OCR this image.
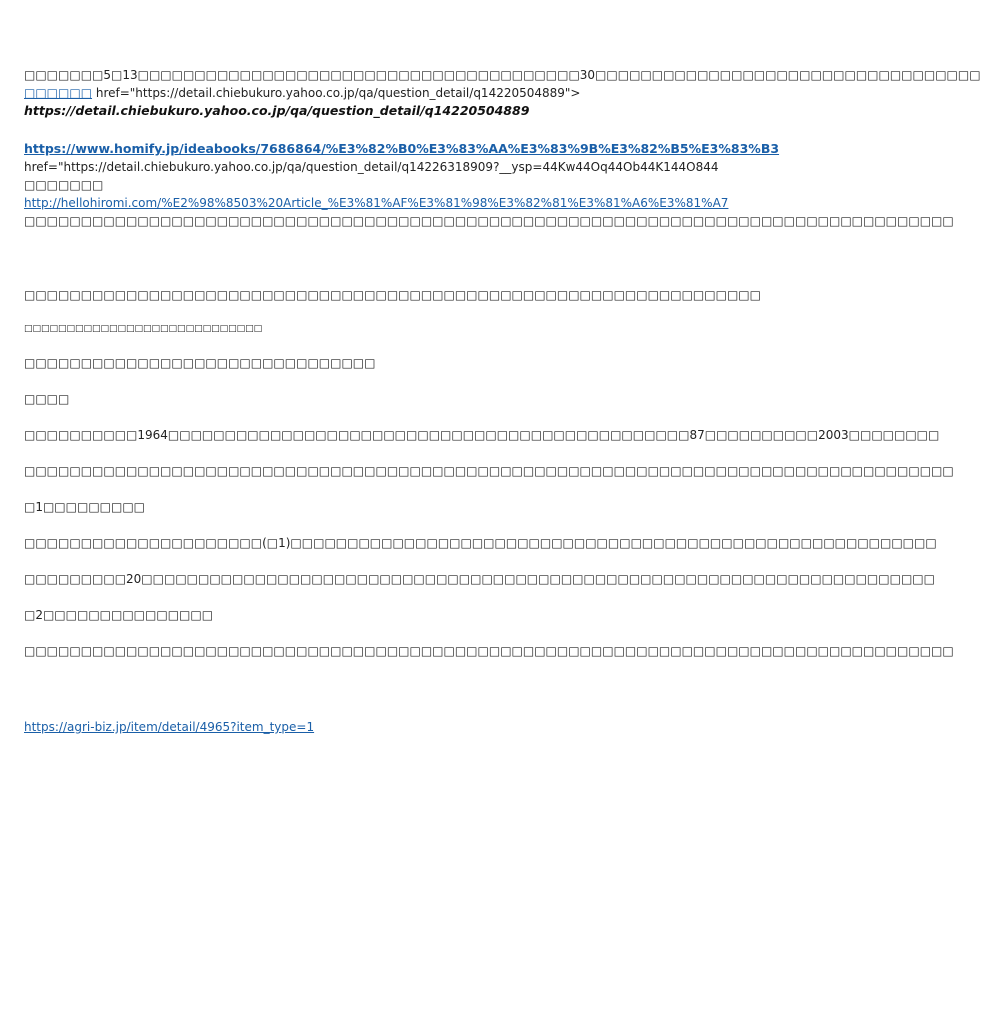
□□□□□□□5□13□□□□□□□□□□□□□□□□□□□□□□□□□□□□□□□□□□□□□□□30□□□□□□□□□□□□□□□□□□□□□□□□□□□□□□□□□□
□□□□□□ href="https://detail.chiebukuro.yahoo.co.jp/qa/question_detail/q14220504889">
https://detail.chiebukuro.yahoo.co.jp/qa/question_detail/q14220504889
https://www.homify.jp/ideabooks/7686864/%E3%82%B0%E3%83%AA%E3%83%9B%E3%82%B5%E3%83%B3
href="https://detail.chiebukuro.yahoo.co.jp/qa/question_detail/q14226318909?__ysp=44Kw44Oq44Ob44K144O844
□□□□□□□
http://hellohiromi.com/%E2%98%8503%20Article_%E3%81%AF%E3%81%98%E3%82%81%E3%81%A6%E3%81%A7
□□□□□□□□□□□□□□□□□□□□□□□□□□□□□□□□□□□□□□□□□□□□□□□□□□□□□□□□□□□□□□□□□□□□□□□□□□□□□□□□□□
□□□□□□□□□□□□□□□□□□□□□□□□□□□□□□□□□□□□□□□□□□□□□□□□□□□□□□□□□□□□□□□□□
□□□□□□□□□□□□□□□□□□□□□□□□□□□□
□□□□□□□□□□□□□□□□□□□□□□□□□□□□□□□
□□□□
□□□□□□□□□□1964□□□□□□□□□□□□□□□□□□□□□□□□□□□□□□□□□□□□□□□□□□□□□□87□□□□□□□□□□2003□□□□□□□□
□□□□□□□□□□□□□□□□□□□□□□□□□□□□□□□□□□□□□□□□□□□□□□□□□□□□□□□□□□□□□□□□□□□□□□□□□□□□□□□□□□
□1□□□□□□□□□
□□□□□□□□□□□□□□□□□□□□□(□1)□□□□□□□□□□□□□□□□□□□□□□□□□□□□□□□□□□□□□□□□□□□□□□□□□□□□□□□□□
□□□□□□□□□20□□□□□□□□□□□□□□□□□□□□□□□□□□□□□□□□□□□□□□□□□□□□□□□□□□□□□□□□□□□□□□□□□□□□□□
□2□□□□□□□□□□□□□□□
□□□□□□□□□□□□□□□□□□□□□□□□□□□□□□□□□□□□□□□□□□□□□□□□□□□□□□□□□□□□□□□□□□□□□□□□□□□□□□□□□□
https://agri-biz.jp/item/detail/4965?item_type=1
